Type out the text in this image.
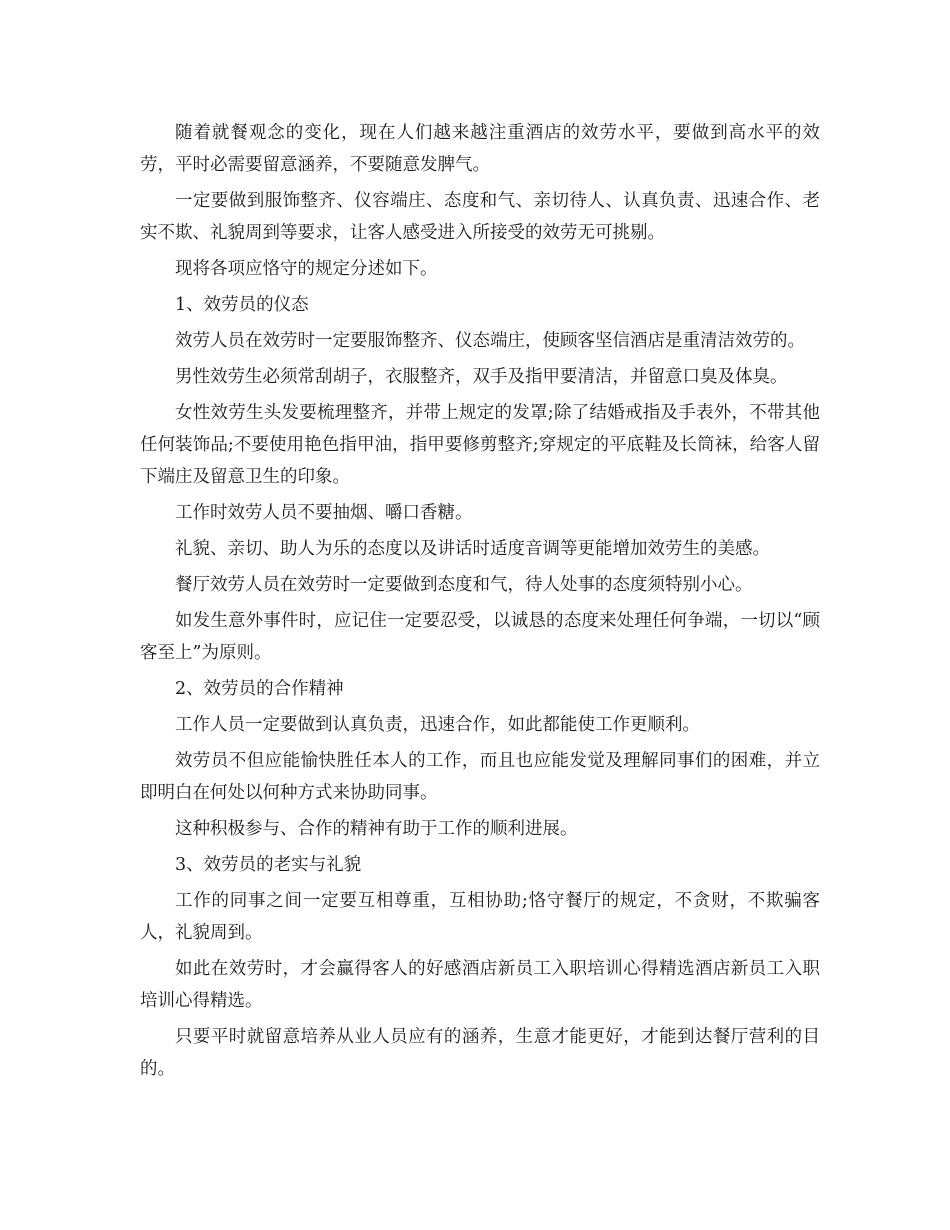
随着就餐观念的变化，现在人们越来越注重酒店的效劳水平，要做到高水平的效劳，平时必需要留意涵养，不要随意发脾气。

一定要做到服饰整齐、仪容端庄、态度和气、亲切待人、认真负责、迅速合作、老实不欺、礼貌周到等要求，让客人感受进入所接受的效劳无可挑剔。

现将各项应恪守的规定分述如下。

1、效劳员的仪态

效劳人员在效劳时一定要服饰整齐、仪态端庄，使顾客坚信酒店是重清洁效劳的。

男性效劳生必须常刮胡子，衣服整齐，双手及指甲要清洁，并留意口臭及体臭。

女性效劳生头发要梳理整齐，并带上规定的发罩;除了结婚戒指及手表外，不带其他任何装饰品;不要使用艳色指甲油，指甲要修剪整齐;穿规定的平底鞋及长筒袜，给客人留下端庄及留意卫生的印象。

工作时效劳人员不要抽烟、嚼口香糖。

礼貌、亲切、助人为乐的态度以及讲话时适度音调等更能增加效劳生的美感。

餐厅效劳人员在效劳时一定要做到态度和气，待人处事的态度须特别小心。

如发生意外事件时，应记住一定要忍受，以诚恳的态度来处理任何争端，一切以“顾客至上”为原则。

2、效劳员的合作精神

工作人员一定要做到认真负责，迅速合作，如此都能使工作更顺利。

效劳员不但应能愉快胜任本人的工作，而且也应能发觉及理解同事们的困难，并立即明白在何处以何种方式来协助同事。

这种积极参与、合作的精神有助于工作的顺利进展。

3、效劳员的老实与礼貌

工作的同事之间一定要互相尊重，互相协助;恪守餐厅的规定，不贪财，不欺骗客人，礼貌周到。

如此在效劳时，才会赢得客人的好感酒店新员工入职培训心得精选酒店新员工入职培训心得精选。

只要平时就留意培养从业人员应有的涵养，生意才能更好，才能到达餐厅营利的目的。
